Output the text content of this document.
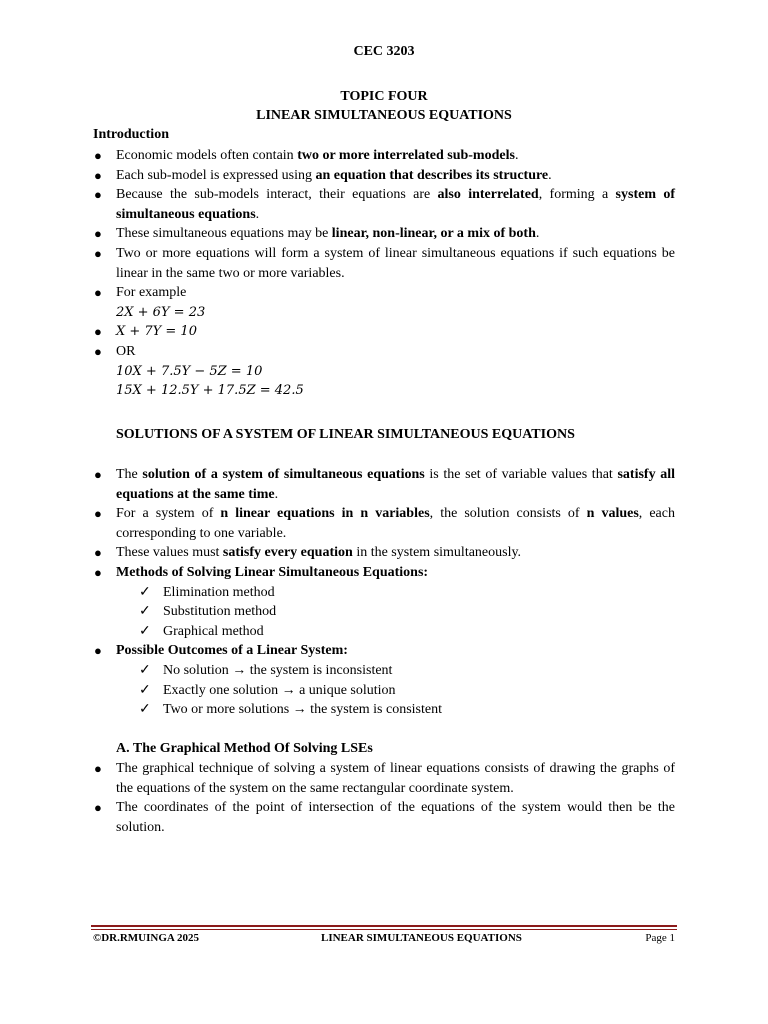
CEC 3203
TOPIC FOUR
LINEAR SIMULTANEOUS EQUATIONS
Introduction
● Economic models often contain two or more interrelated sub-models.
● Each sub-model is expressed using an equation that describes its structure.
● Because the sub-models interact, their equations are also interrelated, forming a system of simultaneous equations.
● These simultaneous equations may be linear, non-linear, or a mix of both.
● Two or more equations will form a system of linear simultaneous equations if such equations be linear in the same two or more variables.
● For example
2X + 6Y = 23
● X + 7Y = 10
● OR
10X + 7.5Y − 5Z = 10
15X + 12.5Y + 17.5Z = 42.5
SOLUTIONS OF A SYSTEM OF LINEAR SIMULTANEOUS EQUATIONS
● The solution of a system of simultaneous equations is the set of variable values that satisfy all equations at the same time.
● For a system of n linear equations in n variables, the solution consists of n values, each corresponding to one variable.
● These values must satisfy every equation in the system simultaneously.
● Methods of Solving Linear Simultaneous Equations:
✓ Elimination method
✓ Substitution method
✓ Graphical method
● Possible Outcomes of a Linear System:
✓ No solution → the system is inconsistent
✓ Exactly one solution → a unique solution
✓ Two or more solutions → the system is consistent
A. The Graphical Method Of Solving LSEs
● The graphical technique of solving a system of linear equations consists of drawing the graphs of the equations of the system on the same rectangular coordinate system.
● The coordinates of the point of intersection of the equations of the system would then be the solution.
©DR.RMUINGA 2025	LINEAR SIMULTANEOUS EQUATIONS	Page 1
